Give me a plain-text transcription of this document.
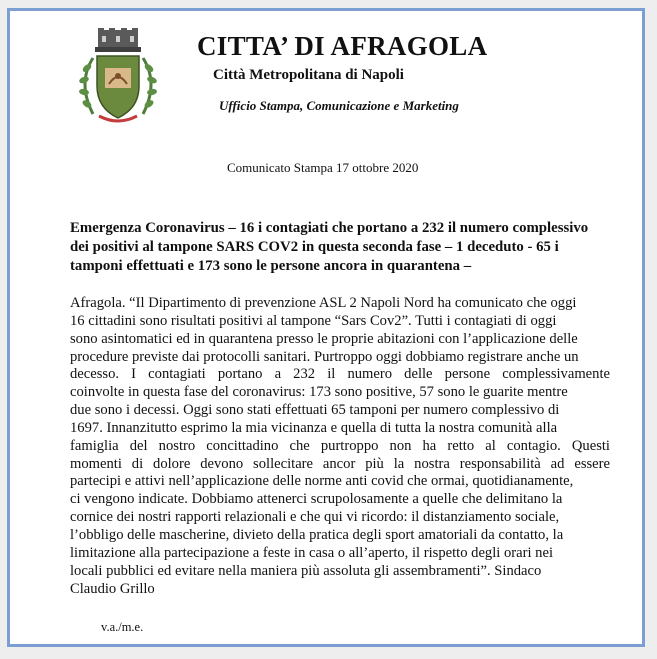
CITTA’ DI AFRAGOLA
Città Metropolitana di Napoli
Ufficio Stampa, Comunicazione e Marketing
Comunicato Stampa 17 ottobre 2020
Emergenza Coronavirus – 16 i contagiati che portano a 232 il numero complessivo
dei positivi al tampone SARS COV2 in questa seconda fase – 1 deceduto - 65 i
tamponi effettuati e 173 sono le persone ancora in quarantena –
Afragola. “Il Dipartimento di prevenzione ASL 2 Napoli Nord ha comunicato che oggi
16 cittadini sono risultati positivi al tampone “Sars Cov2”. Tutti i contagiati di oggi
sono asintomatici ed in quarantena presso le proprie abitazioni con l’applicazione delle
procedure previste dai protocolli sanitari. Purtroppo oggi dobbiamo registrare anche un
decesso. I contagiati portano a 232 il numero delle persone complessivamente
coinvolte in questa fase del coronavirus: 173 sono positive, 57 sono le guarite mentre
due sono i decessi. Oggi sono stati effettuati 65 tamponi per numero complessivo di
1697. Innanzitutto esprimo la mia vicinanza e quella di tutta la nostra comunità alla
famiglia del nostro concittadino che purtroppo non ha retto al contagio. Questi
momenti di dolore devono sollecitare ancor più la nostra responsabilità ad essere
partecipi e attivi nell’applicazione delle norme anti covid che ormai, quotidianamente,
ci vengono indicate. Dobbiamo attenerci scrupolosamente a quelle che delimitano la
cornice dei nostri rapporti relazionali e che qui vi ricordo: il distanziamento sociale,
l’obbligo delle mascherine, divieto della pratica degli sport amatoriali da contatto, la
limitazione alla partecipazione a feste in casa o all’aperto, il rispetto degli orari nei
locali pubblici ed evitare nella maniera più assoluta gli assembramenti”. Sindaco
Claudio Grillo
v.a./m.e.
